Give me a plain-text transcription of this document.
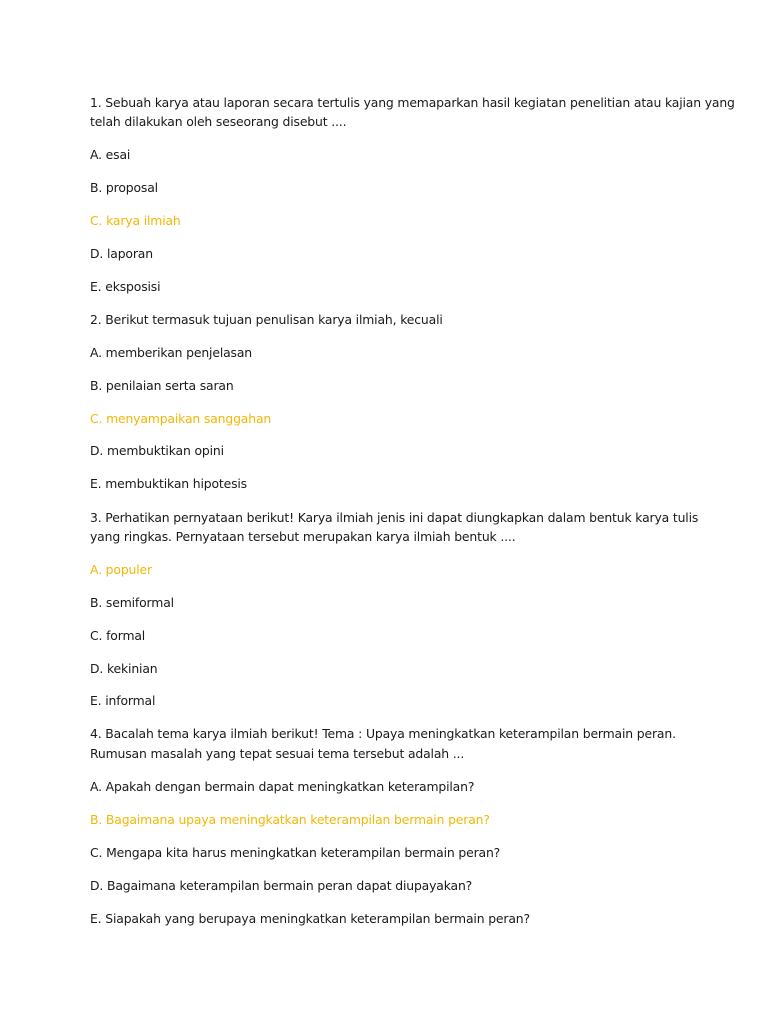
1. Sebuah karya atau laporan secara tertulis yang memaparkan hasil kegiatan penelitian atau kajian yang

telah dilakukan oleh seseorang disebut ....

A. esai

B. proposal

C. karya ilmiah

D. laporan

E. eksposisi

2. Berikut termasuk tujuan penulisan karya ilmiah, kecuali

A. memberikan penjelasan

B. penilaian serta saran

C. menyampaikan sanggahan

D. membuktikan opini

E. membuktikan hipotesis

3. Perhatikan pernyataan berikut! Karya ilmiah jenis ini dapat diungkapkan dalam bentuk karya tulis

yang ringkas. Pernyataan tersebut merupakan karya ilmiah bentuk ....

A. populer

B. semiformal

C. formal

D. kekinian

E. informal

4. Bacalah tema karya ilmiah berikut! Tema : Upaya meningkatkan keterampilan bermain peran.

Rumusan masalah yang tepat sesuai tema tersebut adalah ...

A. Apakah dengan bermain dapat meningkatkan keterampilan?

B. Bagaimana upaya meningkatkan keterampilan bermain peran?

C. Mengapa kita harus meningkatkan keterampilan bermain peran?

D. Bagaimana keterampilan bermain peran dapat diupayakan?

E. Siapakah yang berupaya meningkatkan keterampilan bermain peran?
